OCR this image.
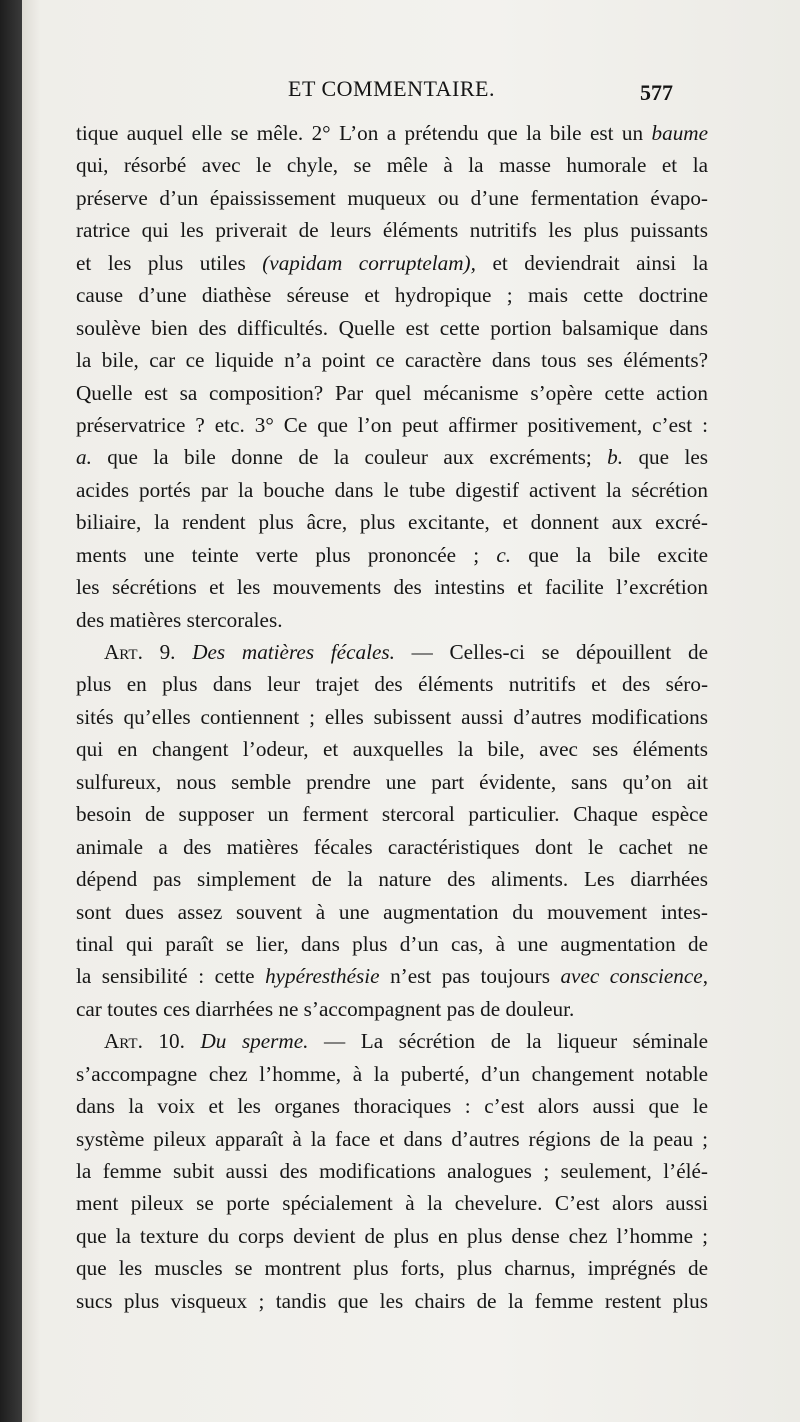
ET COMMENTAIRE.	577
tique auquel elle se mêle. 2° L’on a prétendu que la bile est un baume
qui, résorbé avec le chyle, se mêle à la masse humorale et la
préserve d’un épaississement muqueux ou d’une fermentation évapo-
ratrice qui les priverait de leurs éléments nutritifs les plus puissants
et les plus utiles (vapidam corruptelam), et deviendrait ainsi la
cause d’une diathèse séreuse et hydropique ; mais cette doctrine
soulève bien des difficultés. Quelle est cette portion balsamique dans
la bile, car ce liquide n’a point ce caractère dans tous ses éléments?
Quelle est sa composition? Par quel mécanisme s’opère cette action
préservatrice ? etc. 3° Ce que l’on peut affirmer positivement, c’est :
a. que la bile donne de la couleur aux excréments; b. que les
acides portés par la bouche dans le tube digestif activent la sécrétion
biliaire, la rendent plus âcre, plus excitante, et donnent aux excré-
ments une teinte verte plus prononcée ; c. que la bile excite
les sécrétions et les mouvements des intestins et facilite l’excrétion
des matières stercorales.
Art. 9. Des matières fécales. — Celles-ci se dépouillent de
plus en plus dans leur trajet des éléments nutritifs et des séro-
sités qu’elles contiennent ; elles subissent aussi d’autres modifications
qui en changent l’odeur, et auxquelles la bile, avec ses éléments
sulfureux, nous semble prendre une part évidente, sans qu’on ait
besoin de supposer un ferment stercoral particulier. Chaque espèce
animale a des matières fécales caractéristiques dont le cachet ne
dépend pas simplement de la nature des aliments. Les diarrhées
sont dues assez souvent à une augmentation du mouvement intes-
tinal qui paraît se lier, dans plus d’un cas, à une augmentation de
la sensibilité : cette hypéresthésie n’est pas toujours avec conscience,
car toutes ces diarrhées ne s’accompagnent pas de douleur.
Art. 10. Du sperme. — La sécrétion de la liqueur séminale
s’accompagne chez l’homme, à la puberté, d’un changement notable
dans la voix et les organes thoraciques : c’est alors aussi que le
système pileux apparaît à la face et dans d’autres régions de la peau ;
la femme subit aussi des modifications analogues ; seulement, l’élé-
ment pileux se porte spécialement à la chevelure. C’est alors aussi
que la texture du corps devient de plus en plus dense chez l’homme ;
que les muscles se montrent plus forts, plus charnus, imprégnés de
sucs plus visqueux ; tandis que les chairs de la femme restent plus
